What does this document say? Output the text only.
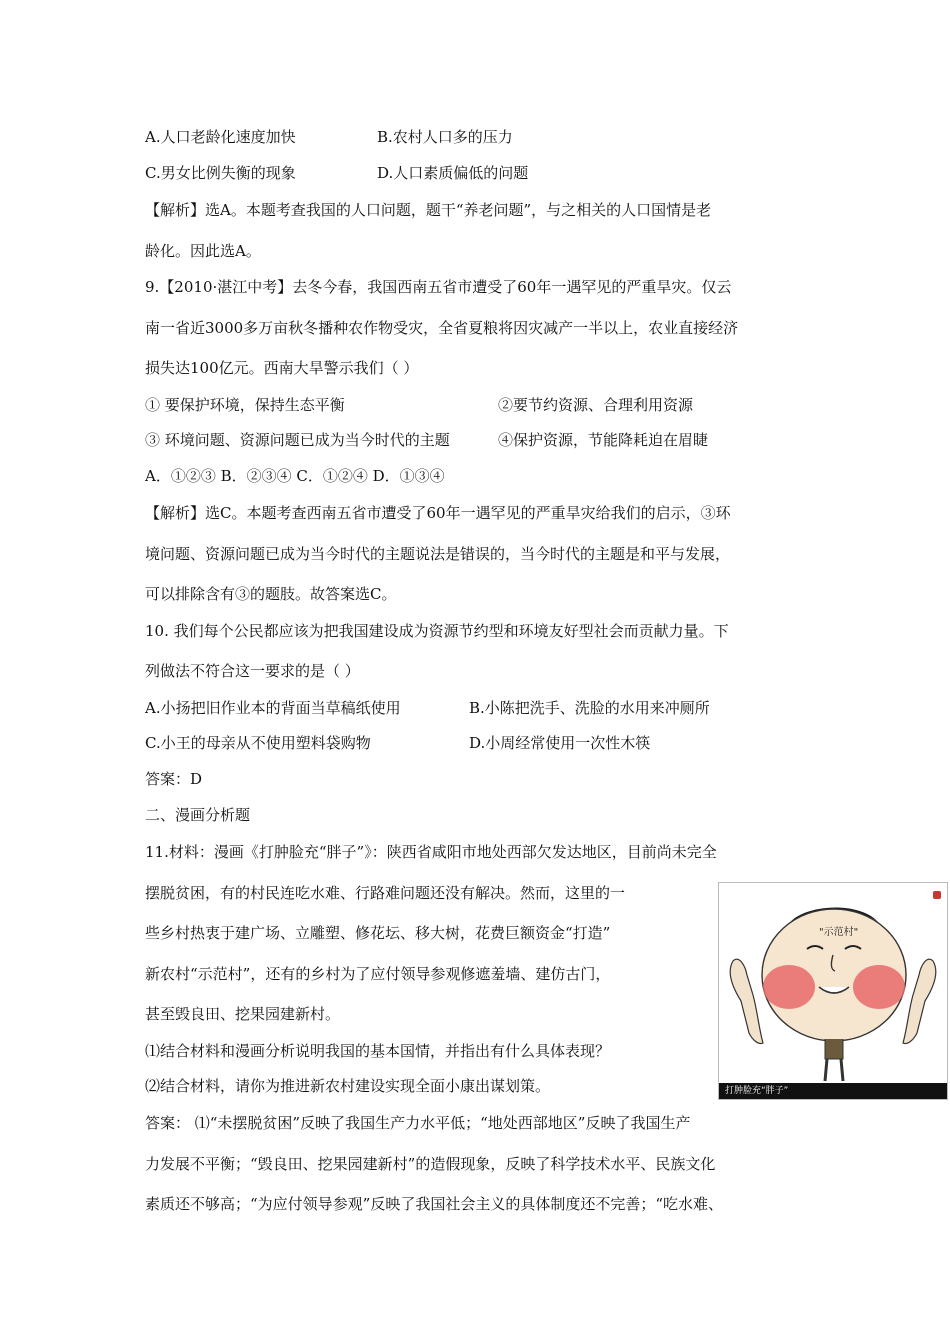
A.人口老龄化速度加快	B.农村人口多的压力
C.男女比例失衡的现象	D.人口素质偏低的问题
【解析】选A。本题考查我国的人口问题，题干“养老问题”，与之相关的人口国情是老
龄化。因此选A。
9.【2010·湛江中考】去冬今春，我国西南五省市遭受了60年一遇罕见的严重旱灾。仅云
南一省近3000多万亩秋冬播种农作物受灾，全省夏粮将因灾减产一半以上，农业直接经济
损失达100亿元。西南大旱警示我们（ ）
① 要保护环境，保持生态平衡	②要节约资源、合理利用资源
③ 环境问题、资源问题已成为当今时代的主题	④保护资源，节能降耗迫在眉睫
A．①②③ B．②③④ C．①②④ D．①③④
【解析】选C。本题考查西南五省市遭受了60年一遇罕见的严重旱灾给我们的启示，③环
境问题、资源问题已成为当今时代的主题说法是错误的，当今时代的主题是和平与发展，
可以排除含有③的题肢。故答案选C。
10. 我们每个公民都应该为把我国建设成为资源节约型和环境友好型社会而贡献力量。下
列做法不符合这一要求的是（ ）
A.小扬把旧作业本的背面当草稿纸使用	B.小陈把洗手、洗脸的水用来冲厕所
C.小王的母亲从不使用塑料袋购物	D.小周经常使用一次性木筷
答案：D
二、漫画分析题
11.材料：漫画《打肿脸充“胖子”》：陕西省咸阳市地处西部欠发达地区，目前尚未完全
摆脱贫困，有的村民连吃水难、行路难问题还没有解决。然而，这里的一
些乡村热衷于建广场、立雕塑、修花坛、移大树，花费巨额资金“打造”
新农村“示范村”，还有的乡村为了应付领导参观修遮羞墙、建仿古门，
甚至毁良田、挖果园建新村。
⑴结合材料和漫画分析说明我国的基本国情，并指出有什么具体表现？
⑵结合材料，请你为推进新农村建设实现全面小康出谋划策。
答案： ⑴“未摆脱贫困”反映了我国生产力水平低；“地处西部地区”反映了我国生产
力发展不平衡；“毁良田、挖果园建新村”的造假现象，反映了科学技术水平、民族文化
素质还不够高；“为应付领导参观”反映了我国社会主义的具体制度还不完善；“吃水难、
"示范村"
打肿脸充“胖子”
